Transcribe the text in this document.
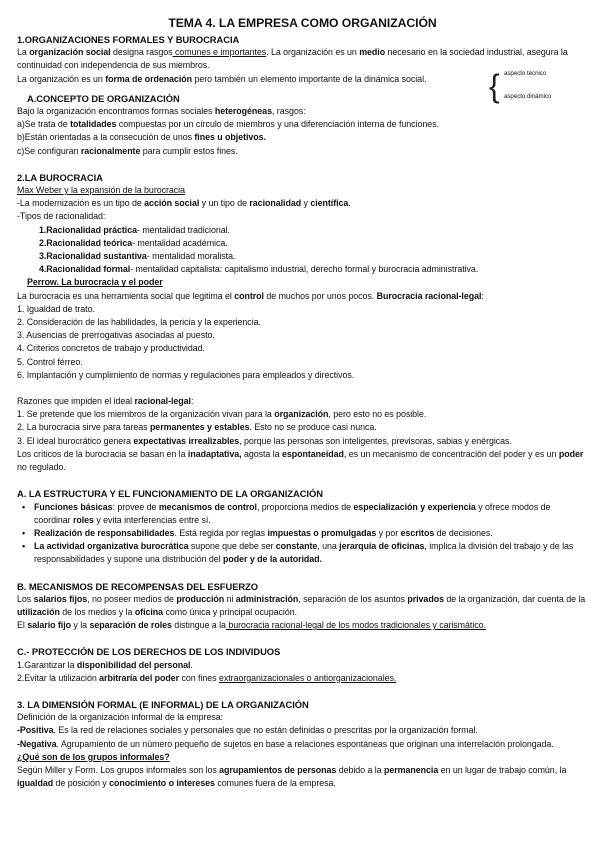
TEMA 4. LA EMPRESA COMO ORGANIZACIÓN

1.ORGANIZACIONES FORMALES Y BUROCRACIA

La organización social designa rasgos comunes e importantes. La organización es un medio necesario en la sociedad industrial, asegura la continuidad con independencia de sus miembros.

La organización es un forma de ordenación pero también un elemento importante de la dinámica social.

A.CONCEPTO DE ORGANIZACIÓN

Bajo la organización encontramos formas sociales heterogéneas, rasgos:

a)Se trata de totalidades compuestas por un círculo de miembros y una diferenciación interna de funciones.

b)Están orientadas a la consecución de unos fines u objetivos.

c)Se configuran racionalmente para cumplir estos fines.

2.LA BUROCRACIA

Max Weber y la expansión de la burocracia

-La modernización es un tipo de acción social y un tipo de racionalidad y científica.

-Tipos de racionalidad:

1.Racionalidad práctica- mentalidad tradicional.

2.Racionalidad teórica- mentalidad académica.

3.Racionalidad sustantiva- mentalidad moralista.

4.Racionalidad formal- mentalidad capitalista: capitalismo industrial, derecho formal y burocracia administrativa.

Perrow. La burocracia y el poder

La burocracia es una herramienta social que legitima el control de muchos por unos pocos. Burocracia racional-legal:

1. Igualdad de trato.

2. Consideración de las habilidades, la pericia y la experiencia.

3. Ausencias de prerrogativas asociadas al puesto.

4. Criterios concretos de trabajo y productividad.

5. Control férreo.

6. Implantación y cumplimiento de normas y regulaciones para empleados y directivos.

Razones que impiden el ideal racional-legal:

1. Se pretende que los miembros de la organización vivan para la organización, pero esto no es posible.

2. La burocracia sirve para tareas permanentes y estables. Esto no se produce casi nunca.

3. El ideal burocrático genera expectativas irrealizables, porque las personas son inteligentes, previsoras, sabias y enérgicas.

Los críticos de la burocracia se basan en la inadaptativa, agosta la espontaneidad, es un mecanismo de concentración del poder y es un poder no regulado.

A. LA ESTRUCTURA Y EL FUNCIONAMIENTO DE LA ORGANIZACIÓN

• Funciones básicas: provee de mecanismos de control, proporciona medios de especialización y experiencia y ofrece modos de coordinar roles y evita interferencias entre sí.
• Realización de responsabilidades. Está regida por reglas impuestas o promulgadas y por escritos de decisiones.
• La actividad organizativa burocrática supone que debe ser constante, una jerarquía de oficinas, implica la división del trabajo y de las responsabilidades y supone una distribución del poder y de la autoridad.

B. MECANISMOS DE RECOMPENSAS DEL ESFUERZO

Los salarios fijos, no poseer medios de producción ni administración, separación de los asuntos privados de la organización, dar cuenta de la utilización de los medios y la oficina como única y principal ocupación.

El salario fijo y la separación de roles distingue a la burocracia racional-legal de los modos tradicionales y carismático.

C.- PROTECCIÓN DE LOS DERECHOS DE LOS INDIVIDUOS

1.Garantizar la disponibilidad del personal.

2.Evitar la utilización arbitraria del poder con fines extraorganizacionales o antiorganizacionales.

3. LA DIMENSIÓN FORMAL (E INFORMAL) DE LA ORGANIZACIÓN

Definición de la organización informal de la empresa:

-Positiva. Es la red de relaciones sociales y personales que no están definidas o prescritas por la organización formal.

-Negativa. Agrupamiento de un número pequeño de sujetos en base a relaciones espontáneas que originan una interrelación prolongada.

¿Qué son de los grupos informales?

Según Miller y Form. Los grupos informales son los agrupamientos de personas debido a la permanencia en un lugar de trabajo común, la igualdad de posición y conocimiento o intereses comunes fuera de la empresa.

{ aspecto técnico
aspecto dinámico
